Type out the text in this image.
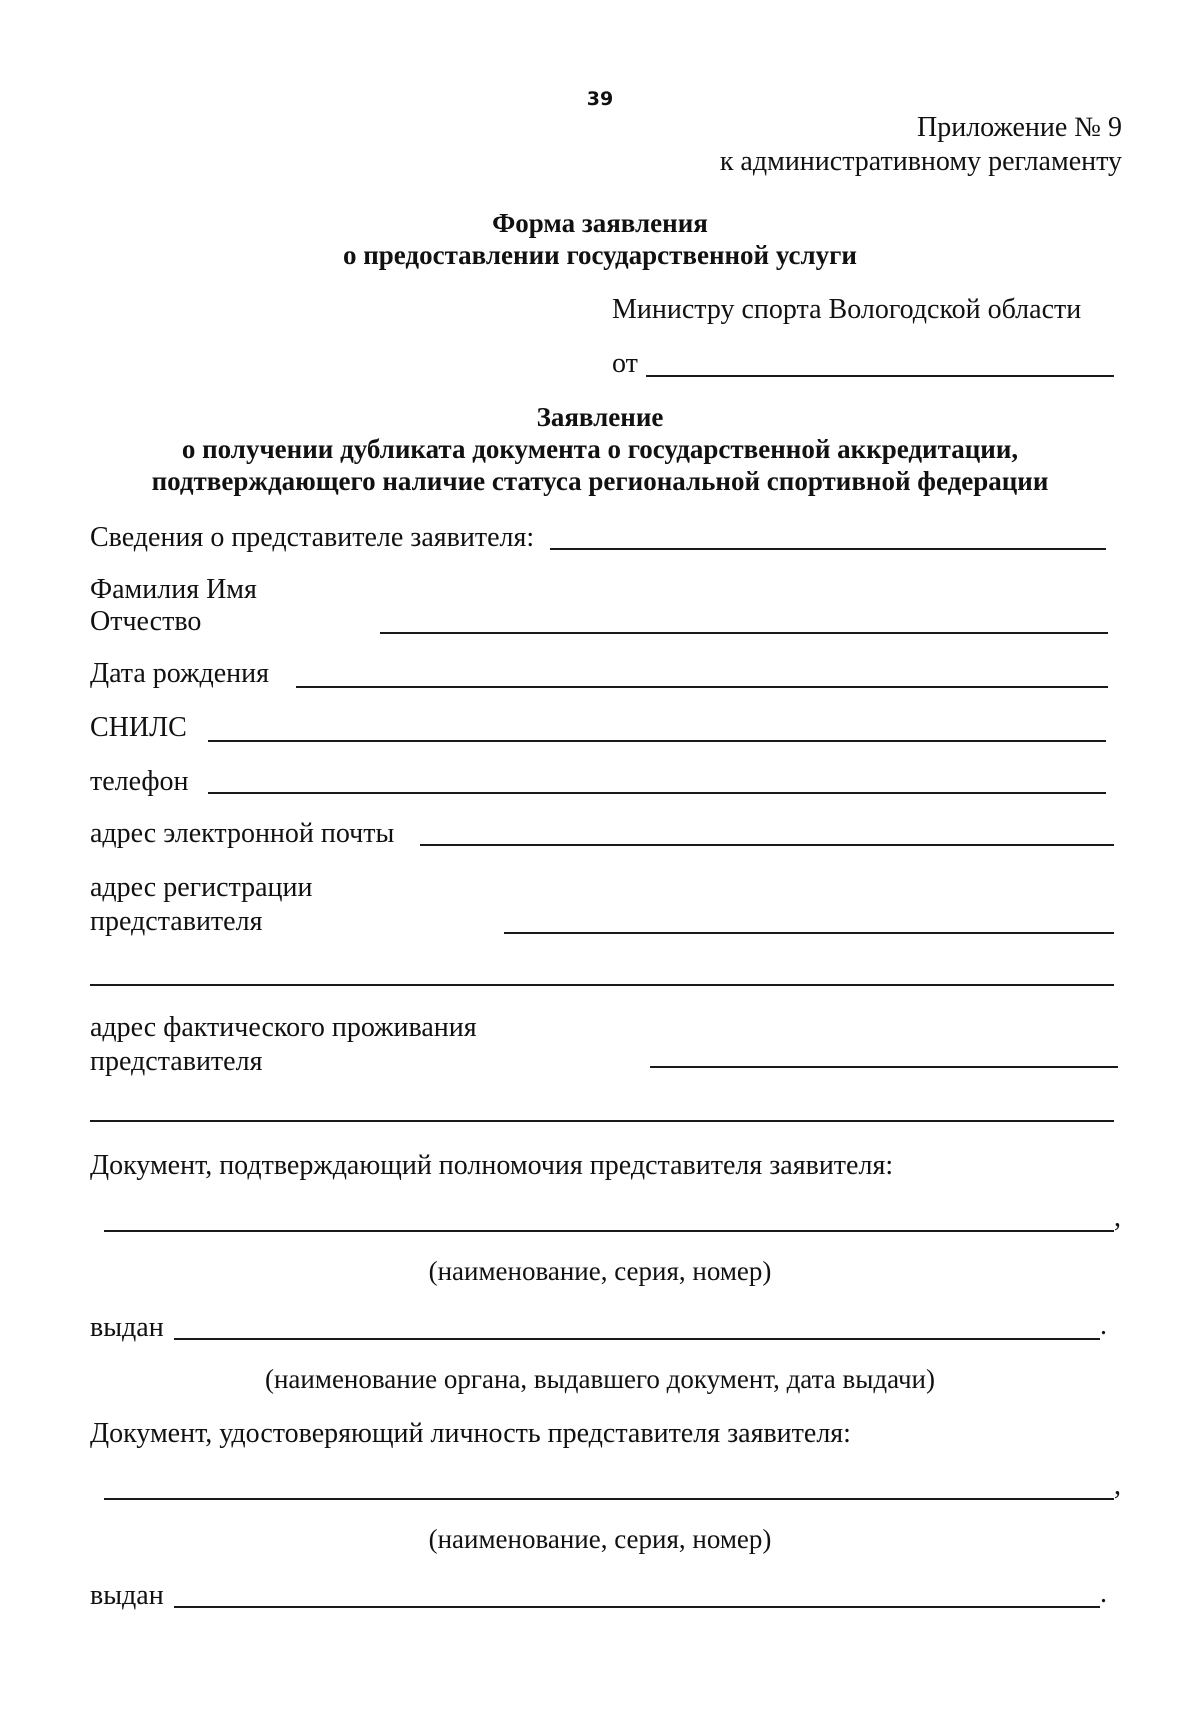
39
Приложение № 9
к административному регламенту
Форма заявления
о предоставлении государственной услуги
Министру спорта Вологодской области
от
Заявление
о получении дубликата документа о государственной аккредитации,
подтверждающего наличие статуса региональной спортивной федерации
Сведения о представителе заявителя:
Фамилия Имя
Отчество
Дата рождения
СНИЛС
телефон
адрес электронной почты
адрес регистрации
представителя
адрес фактического проживания
представителя
Документ, подтверждающий полномочия представителя заявителя:
,
(наименование, серия, номер)
выдан	.
(наименование органа, выдавшего документ, дата выдачи)
Документ, удостоверяющий личность представителя заявителя:
,
(наименование, серия, номер)
выдан	.
